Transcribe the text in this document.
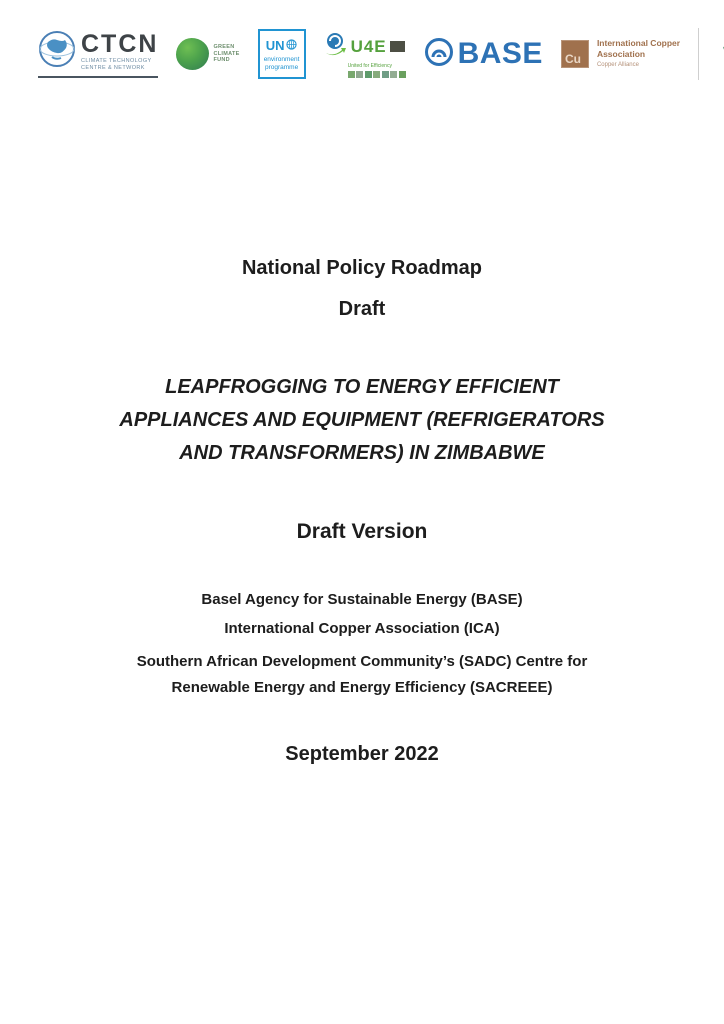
CTCN
CLIMATE TECHNOLOGY
CENTRE & NETWORK
GREEN
CLIMATE
FUND
UN
environment
programme
U4E
United for Efficiency BASE Cu
International Copper
Association
Copper Alliance
National Policy Roadmap
Draft
LEAPFROGGING TO ENERGY EFFICIENT
APPLIANCES AND EQUIPMENT (REFRIGERATORS
AND TRANSFORMERS) IN ZIMBABWE
Draft Version

Basel Agency for Sustainable Energy (BASE)

International Copper Association (ICA)

Southern African Development Community’s (SADC) Centre for
Renewable Energy and Energy Efficiency (SACREEE)

September 2022
